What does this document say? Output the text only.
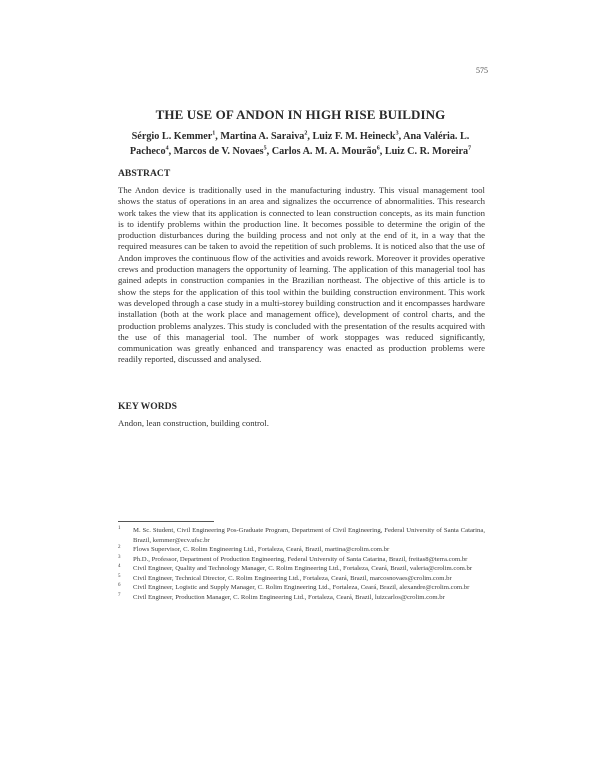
575
THE USE OF ANDON IN HIGH RISE BUILDING

Sérgio L. Kemmer$^1$, Martina A. Saraiva$^2$, Luiz F. M. Heineck$^3$, Ana Valéria. L. Pacheco$^4$, Marcos de V. Novaes$^5$, Carlos A. M. A. Mourão$^6$, Luiz C. R. Moreira$^7$

ABSTRACT

The Andon device is traditionally used in the manufacturing industry. This visual management tool shows the status of operations in an area and signalizes the occurrence of abnormalities. This research work takes the view that its application is connected to lean construction concepts, as its main function is to identify problems within the production line. It becomes possible to determine the origin of the production disturbances during the building process and not only at the end of it, in a way that the required measures can be taken to avoid the repetition of such problems. It is noticed also that the use of Andon improves the continuous flow of the activities and avoids rework. Moreover it provides operative crews and production managers the opportunity of learning. The application of this managerial tool has gained adepts in construction companies in the Brazilian northeast. The objective of this article is to show the steps for the application of this tool within the building construction environment. This work was developed through a case study in a multi-storey building construction and it encompasses hardware installation (both at the work place and management office), development of control charts, and the production problems analyzes. This study is concluded with the presentation of the results acquired with the use of this managerial tool. The number of work stoppages was reduced significantly, communication was greatly enhanced and transparency was enacted as production problems were readily reported, discussed and analysed.

KEY WORDS

Andon, lean construction, building control.

1 M. Sc. Student, Civil Engineering Pos-Graduate Program, Department of Civil Engineering, Federal University of Santa Catarina, Brazil, kemmer@ecv.ufsc.br
2 Flows Supervisor, C. Rolim Engineering Ltd., Fortaleza, Ceará, Brazil, martina@crolim.com.br
3 Ph.D., Professor, Department of Production Engineering, Federal University of Santa Catarina, Brazil, freitas8@terra.com.br
4 Civil Engineer, Quality and Technology Manager, C. Rolim Engineering Ltd., Fortaleza, Ceará, Brazil, valeria@crolim.com.br
5 Civil Engineer, Technical Director, C. Rolim Engineering Ltd., Fortaleza, Ceará, Brazil, marcosnovaes@crolim.com.br
6 Civil Engineer, Logistic and Supply Manager, C. Rolim Engineering Ltd., Fortaleza, Ceará, Brazil, alexandre@crolim.com.br
7 Civil Engineer, Production Manager, C. Rolim Engineering Ltd., Fortaleza, Ceará, Brazil, luizcarlos@crolim.com.br
